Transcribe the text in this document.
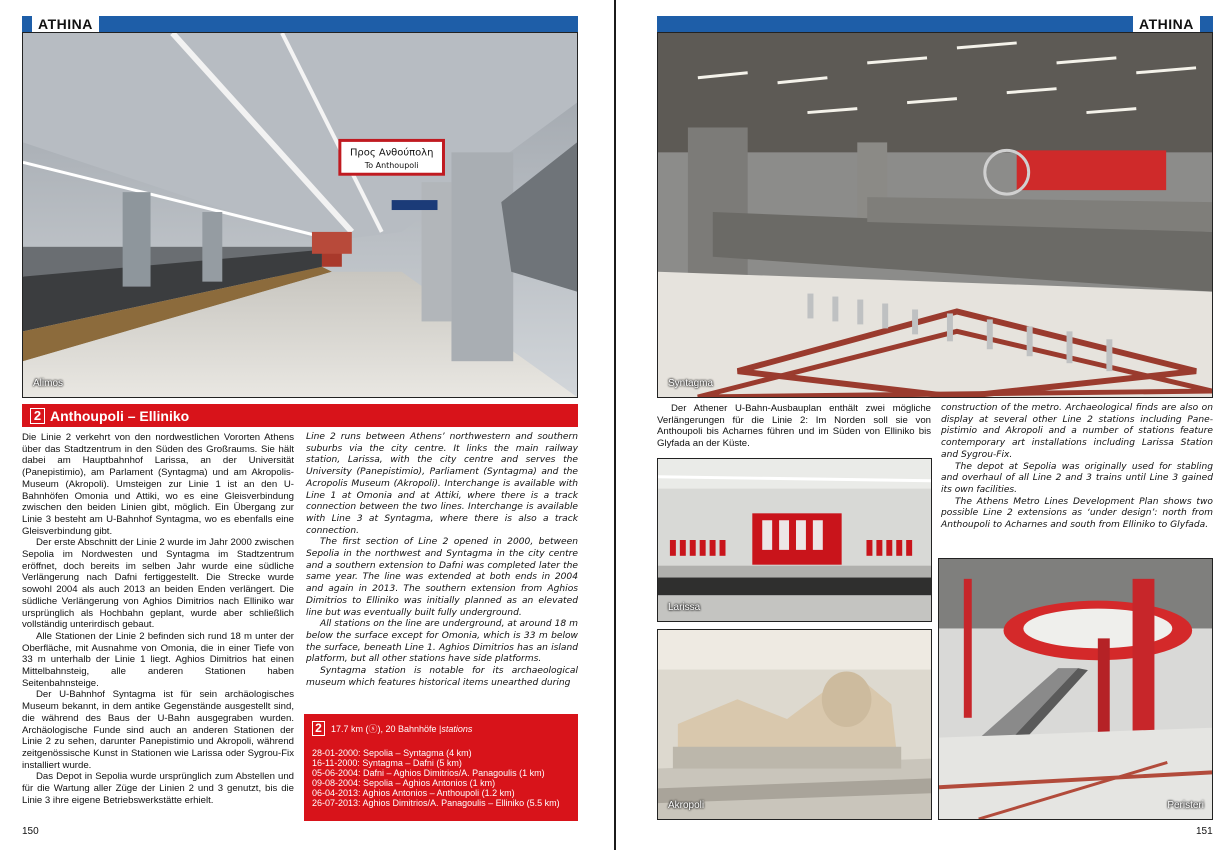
ATHINA
Προς Ανθούπολη
To Anthoupoli
Alimos
2 Anthoupoli – Elliniko

Die Linie 2 verkehrt von den nordwestlichen Vororten Athens über das Stadtzentrum in den Süden des Großraums. Sie hält dabei am Hauptbahnhof Larissa, an der Universität (Panepistimio), am Parlament (Syntagma) und am Akropolis-Museum (Akropoli). Umsteigen zur Linie 1 ist an den U-Bahnhöfen Omonia und Attiki, wo es eine Gleisverbindung zwischen den beiden Linien gibt, möglich. Ein Übergang zur Linie 3 besteht am U-Bahnhof Syntagma, wo es ebenfalls eine Gleisverbindung gibt.

Der erste Abschnitt der Linie 2 wurde im Jahr 2000 zwischen Sepolia im Nordwesten und Syntagma im Stadtzentrum eröffnet, doch bereits im selben Jahr wurde eine südliche Verlängerung nach Dafni fertiggestellt. Die Strecke wurde sowohl 2004 als auch 2013 an beiden Enden verlängert. Die südliche Verlängerung von Aghios Dimitrios nach Elliniko war ursprünglich als Hochbahn geplant, wurde aber schließlich vollständig unterirdisch gebaut.

Alle Stationen der Linie 2 befinden sich rund 18 m unter der Oberfläche, mit Ausnahme von Omonia, die in einer Tiefe von 33 m unterhalb der Linie 1 liegt. Aghios Dimitrios hat einen Mittelbahnsteig, alle anderen Stationen haben Seitenbahnsteige.

Der U-Bahnhof Syntagma ist für sein archäologisches Museum bekannt, in dem antike Gegenstände ausgestellt sind, die während des Baus der U-Bahn ausgegraben wurden. Archäologische Funde sind auch an anderen Stationen der Linie 2 zu sehen, darunter Panepistimio und Akropoli, während zeitgenössische Kunst in Stationen wie Larissa oder Sygrou-Fix installiert wurde.

Das Depot in Sepolia wurde ursprünglich zum Abstellen und für die Wartung aller Züge der Linien 2 und 3 genutzt, bis die Linie 3 ihre eigene Betriebswerkstätte erhielt.

Line 2 runs between Athens’ northwestern and southern suburbs via the city centre. It links the main railway station, Larissa, with the city centre and serves the University (Panepistimio), Parliament (Syntagma) and the Acropolis Museum (Akropoli). Interchange is available with Line 1 at Omonia and at Attiki, where there is a track connection between the two lines. Interchange is available with Line 3 at Syntagma, where there is also a track connection.

The first section of Line 2 opened in 2000, between Sepolia in the northwest and Syntagma in the city centre and a southern extension to Dafni was completed later the same year. The line was extended at both ends in 2004 and again in 2013. The southern extension from Aghios Dimitrios to Elliniko was initially planned as an elevated line but was eventually built fully underground.

All stations on the line are underground, at around 18 m below the surface except for Omonia, which is 33 m below the surface, beneath Line 1. Aghios Dimitrios has an island platform, but all other stations have side platforms.

Syntagma station is notable for its archaeological museum which features historical items unearthed during

2	17.7 km (ⓢ), 20 Bahnhöfe | stations
28-01-2000: Sepolia – Syntagma (4 km)
16-11-2000: Syntagma – Dafni (5 km)
05-06-2004: Dafni – Aghios Dimitrios/A. Panagoulis (1 km)
09-08-2004: Sepolia – Aghios Antonios (1 km)
06-04-2013: Aghios Antonios – Anthoupoli (1.2 km)
26-07-2013: Aghios Dimitrios/A. Panagoulis – Elliniko (5.5 km)
150
ATHINA
Syntagma

Der Athener U-Bahn-Ausbauplan enthält zwei mögliche Verlängerungen für die Linie 2: Im Norden soll sie von Anthoupoli bis Acharnes führen und im Süden von Elliniko bis Glyfada an der Küste.

construction of the metro. Archaeological finds are also on display at several other Line 2 stations including Panepistimio and Akropoli and a number of stations feature contemporary art installations including Larissa Station and Sygrou-Fix.

The depot at Sepolia was originally used for stabling and overhaul of all Line 2 and 3 trains until Line 3 gained its own facilities.

The Athens Metro Lines Development Plan shows two possible Line 2 extensions as ‘under design’: north from Anthoupoli to Acharnes and south from Elliniko to Glyfada.

Larissa
Akropoli	Peristeri
151
